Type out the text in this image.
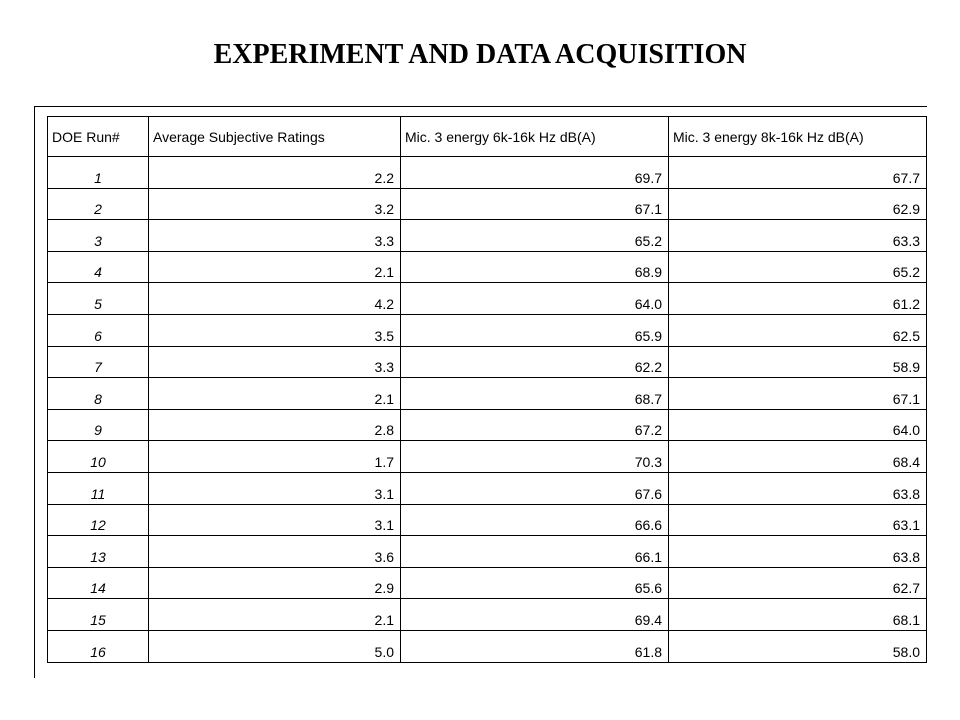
EXPERIMENT AND DATA ACQUISITION
DOE Run#	Average Subjective Ratings	Mic. 3 energy 6k-16k Hz dB(A)	Mic. 3 energy 8k-16k Hz dB(A)
1	2.2	69.7	67.7
2	3.2	67.1	62.9
3	3.3	65.2	63.3
4	2.1	68.9	65.2
5	4.2	64.0	61.2
6	3.5	65.9	62.5
7	3.3	62.2	58.9
8	2.1	68.7	67.1
9	2.8	67.2	64.0
10	1.7	70.3	68.4
11	3.1	67.6	63.8
12	3.1	66.6	63.1
13	3.6	66.1	63.8
14	2.9	65.6	62.7
15	2.1	69.4	68.1
16	5.0	61.8	58.0
